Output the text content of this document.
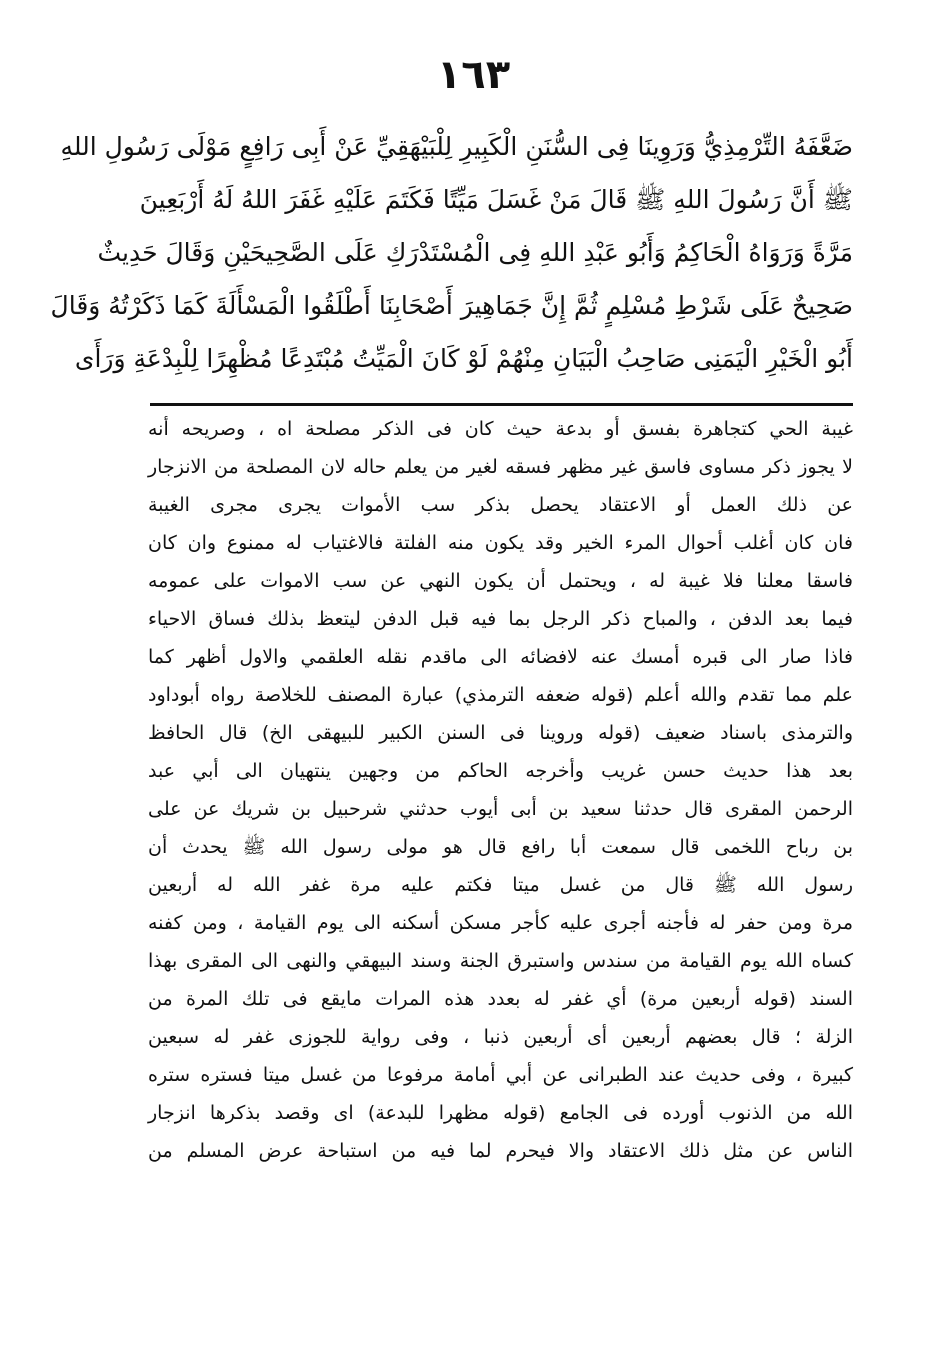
١٦٣
ضَعَّفَهُ التِّرْمِذِيُّ وَرَوِينَا فِى السُّنَنِ الْكَبِيرِ لِلْبَيْهَقِيِّ عَنْ أَبِى رَافِعٍ مَوْلَى رَسُولِ اللهِ
ﷺ أَنَّ رَسُولَ اللهِ ﷺ قَالَ مَنْ غَسَلَ مَيِّتًا فَكَتَمَ عَلَيْهِ غَفَرَ اللهُ لَهُ أَرْبَعِينَ
مَرَّةً وَرَوَاهُ الْحَاكِمُ وَأَبُو عَبْدِ اللهِ فِى الْمُسْتَدْرَكِ عَلَى الصَّحِيحَيْنِ وَقَالَ حَدِيثٌ
صَحِيحٌ عَلَى شَرْطِ مُسْلِمٍ ثُمَّ إِنَّ جَمَاهِيرَ أَصْحَابِنَا أَطْلَقُوا الْمَسْأَلَةَ كَمَا ذَكَرْتُهُ وَقَالَ
أَبُو الْخَيْرِ الْيَمَنِى صَاحِبُ الْبَيَانِ مِنْهُمْ لَوْ كَانَ الْمَيِّتُ مُبْتَدِعًا مُظْهِرًا لِلْبِدْعَةِ وَرَأَى
غيبة الحي كتجاهرة بفسق أو بدعة حيث كان فى الذكر مصلحة اه ، وصريحه أنه
لا يجوز ذكر مساوى فاسق غير مظهر فسقه لغير من يعلم حاله لان المصلحة من الانزجار
عن ذلك العمل أو الاعتقاد يحصل بذكر سب الأموات يجرى مجرى الغيبة
فان كان أغلب أحوال المرء الخير وقد يكون منه الفلتة فالاغتياب له ممنوع وان كان
فاسقا معلنا فلا غيبة له ، ويحتمل أن يكون النهي عن سب الاموات على عمومه
فيما بعد الدفن ، والمباح ذكر الرجل بما فيه قبل الدفن ليتعظ بذلك فساق الاحياء
فاذا صار الى قبره أمسك عنه لافضائه الى ماقدم نقله العلقمي والاول أظهر كما
علم مما تقدم والله أعلم (قوله ضعفه الترمذي) عبارة المصنف للخلاصة رواه أبوداود
والترمذى باسناد ضعيف (قوله وروينا فى السنن الكبير للبيهقى الخ) قال الحافظ
بعد هذا حديث حسن غريب وأخرجه الحاكم من وجهين ينتهيان الى أبي عبد
الرحمن المقرى قال حدثنا سعيد بن أبى أيوب حدثني شرحبيل بن شريك عن على
بن رباح اللخمى قال سمعت أبا رافع قال هو مولى رسول الله ﷺ يحدث أن
رسول الله ﷺ قال من غسل ميتا فكتم عليه مرة غفر الله له أربعين
مرة ومن حفر له فأجنه أجرى عليه كأجر مسكن أسكنه الى يوم القيامة ، ومن كفنه
كساه الله يوم القيامة من سندس واستبرق الجنة وسند البيهقي والنهى الى المقرى بهذا
السند (قوله أربعين مرة) أي غفر له بعدد هذه المرات مايقع فى تلك المرة من
الزلة ؛ قال بعضهم أربعين أى أربعين ذنبا ، وفى رواية للجوزى غفر له سبعين
كبيرة ، وفى حديث عند الطبرانى عن أبي أمامة مرفوعا من غسل ميتا فستره ستره
الله من الذنوب أورده فى الجامع (قوله مظهرا للبدعة) اى وقصد بذكرها انزجار
الناس عن مثل ذلك الاعتقاد والا فيحرم لما فيه من استباحة عرض المسلم من
